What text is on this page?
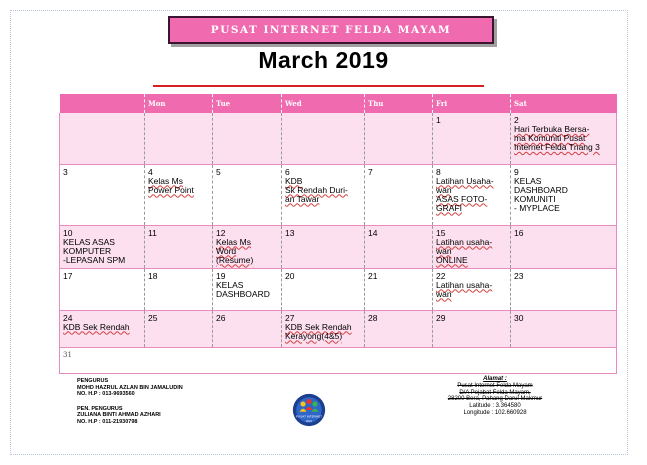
PUSAT INTERNET FELDA MAYAM
March 2019
	Mon	Tue	Wed	Thu	Fri	Sat

					1	2
Hari Terbuka Bersa-
ma Komuniti Pusat
Internet Felda Tnang 3

3	4
Kelas Ms
Power Point	5	6
KDB
Sk Rendah Duri-
an Tawar	7	8
Latihan Usaha-
wan
ASAS FOTO-
GRAFI	9
KELAS
DASHBOARD
KOMUNITI
- MYPLACE

10
KELAS ASAS
KOMPUTER
-LEPASAN SPM	11	12
Kelas Ms
Word
(Resume)	13	14	15
Latihan usaha-
wan
ONLINE	16

17	18	19
KELAS
DASHBOARD	20	21	22
Latihan usaha-
wan	23

24
KDB Sek Rendah	25	26	27
KDB Sek Rendah
Kerayong(4&5)	28	29	30

31						
PENGURUS
MOHD HAZRUL AZLAN BIN JAMALUDIN
NO. H.P : 013-9693560
PEN. PENGURUS
ZULIANA BINTI AHMAD AZHARI
NO. H.P : 011-21930798
PUSAT INTERNET
2021
Alamat :
Pusat Internet Felda Mayam
D/A Pejabat Felda Mayam,
28200 Bera, Pahang Darul Makmur
Latitude : 3.364580
Longitude : 102.660928
